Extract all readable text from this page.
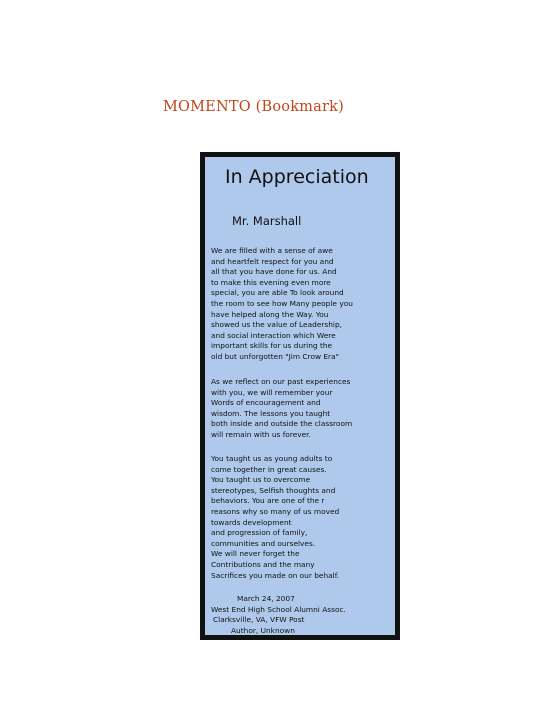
MOMENTO (Bookmark)
In Appreciation
Mr. Marshall
We are filled with a sense of awe
and heartfelt respect for you and
all that you have done for us. And
to make this evening even more
special, you are able To look around
the room to see how Many people you
have helped along the Way. You
showed us the value of Leadership,
and social interaction which Were
important skills for us during the
old but unforgotten "Jim Crow Era"
As we reflect on our past experiences
with you, we will remember your
Words of encouragement and
wisdom. The lessons you taught
both inside and outside the classroom
will remain with us forever.
You taught us as young adults to
come together in great causes.
You taught us to overcome
stereotypes, Selfish thoughts and
behaviors. You are one of the r
reasons why so many of us moved
towards development
and progression of family,
communities and ourselves.
We will never forget the
Contributions and the many
Sacrifices you made on our behalf.
March 24, 2007
West End High School Alumni Assoc.
Clarksville, VA, VFW Post
Author, Unknown
